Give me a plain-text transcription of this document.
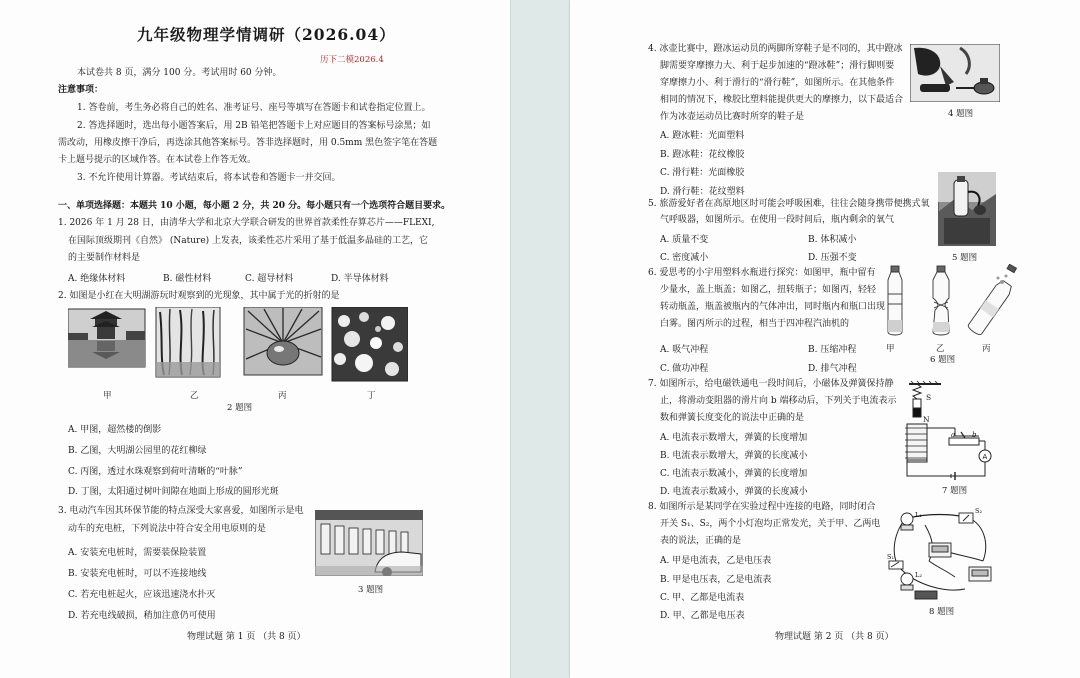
九年级物理学情调研（2026.04）
历下二模2026.4
本试卷共 8 页，满分 100 分。考试用时 60 分钟。
注意事项：
1. 答卷前，考生务必将自己的姓名、准考证号、座号等填写在答题卡和试卷指定位置上。
2. 答选择题时，选出每小题答案后，用 2B 铅笔把答题卡上对应题目的答案标号涂黑；如
需改动，用橡皮擦干净后，再选涂其他答案标号。答非选择题时，用 0.5mm 黑色签字笔在答题
卡上题号提示的区域作答。在本试卷上作答无效。
3. 不允许使用计算器。考试结束后，将本试卷和答题卡一并交回。
一、单项选择题：本题共 10 小题，每小题 2 分，共 20 分。每小题只有一个选项符合题目要求。
1. 2026 年 1 月 28 日，由清华大学和北京大学联合研发的世界首款柔性存算芯片——FLEXI,
在国际顶级期刊《自然》 (Nature) 上发表，该柔性芯片采用了基于低温多晶硅的工艺，它
的主要制作材料是
A. 绝缘体材料	B. 磁性材料	C. 超导材料	D. 半导体材料
2. 如图是小红在大明湖游玩时观察到的光现象，其中属于光的折射的是
甲	乙	丙	丁
2 题图
A. 甲图，超然楼的倒影
B. 乙图，大明湖公园里的花红柳绿
C. 丙图，透过水珠观察到荷叶清晰的“叶脉”
D. 丁图，太阳通过树叶间隙在地面上形成的圆形光斑
3. 电动汽车因其环保节能的特点深受大家喜爱，如图所示是电
动车的充电桩，下列说法中符合安全用电原则的是
A. 安装充电桩时，需要装保险装置
B. 安装充电桩时，可以不连接地线
C. 若充电桩起火，应该迅速浇水扑灭
D. 若充电线破损，稍加注意仍可使用
3 题图
物理试题 第 1 页 （共 8 页）
4. 冰壶比赛中，蹬冰运动员的两脚所穿鞋子是不同的，其中蹬冰
脚需要穿摩擦力大、利于起步加速的“蹬冰鞋”；滑行脚则要
穿摩擦力小、利于滑行的“滑行鞋”，如图所示。在其他条件
相同的情况下，橡胶比塑料能提供更大的摩擦力，以下最适合
作为冰壶运动员比赛时所穿的鞋子是
A. 蹬冰鞋：光面塑料
B. 蹬冰鞋：花纹橡胶
C. 滑行鞋：光面橡胶
D. 滑行鞋：花纹塑料
4 题图
5. 旅游爱好者在高原地区时可能会呼吸困难，往往会随身携带便携式氧
气呼吸器，如图所示。在使用一段时间后，瓶内剩余的氧气
A. 质量不变	B. 体积减小
C. 密度减小	D. 压强不变	5 题图
6. 爱思考的小宇用塑料水瓶进行探究：如图甲，瓶中留有
少量水，盖上瓶盖；如图乙，扭转瓶子；如图丙，轻轻
转动瓶盖，瓶盖被瓶内的气体冲出，同时瓶内和瓶口出现
白雾。图丙所示的过程，相当于四冲程汽油机的
A. 吸气冲程	B. 压缩冲程
C. 做功冲程	D. 排气冲程
甲	乙	丙
6 题图
7. 如图所示，给电磁铁通电一段时间后，小磁体及弹簧保持静
止，将滑动变阻器的滑片向 b 端移动后，下列关于电流表示
数和弹簧长度变化的说法中正确的是
A. 电流表示数增大，弹簧的长度增加
B. 电流表示数增大，弹簧的长度减小
C. 电流表示数减小，弹簧的长度增加
D. 电流表示数减小，弹簧的长度减小
S
N
a b
A
7 题图
8. 如图所示是某同学在实验过程中连接的电路，同时闭合
开关 S₁、S₂，两个小灯泡均正常发光，关于甲、乙两电
表的说法，正确的是
A. 甲是电流表，乙是电压表
B. 甲是电压表，乙是电流表
C. 甲、乙都是电流表
D. 甲、乙都是电压表
L₁	S₂
L₂
S₁
8 题图
物理试题 第 2 页 （共 8 页）
